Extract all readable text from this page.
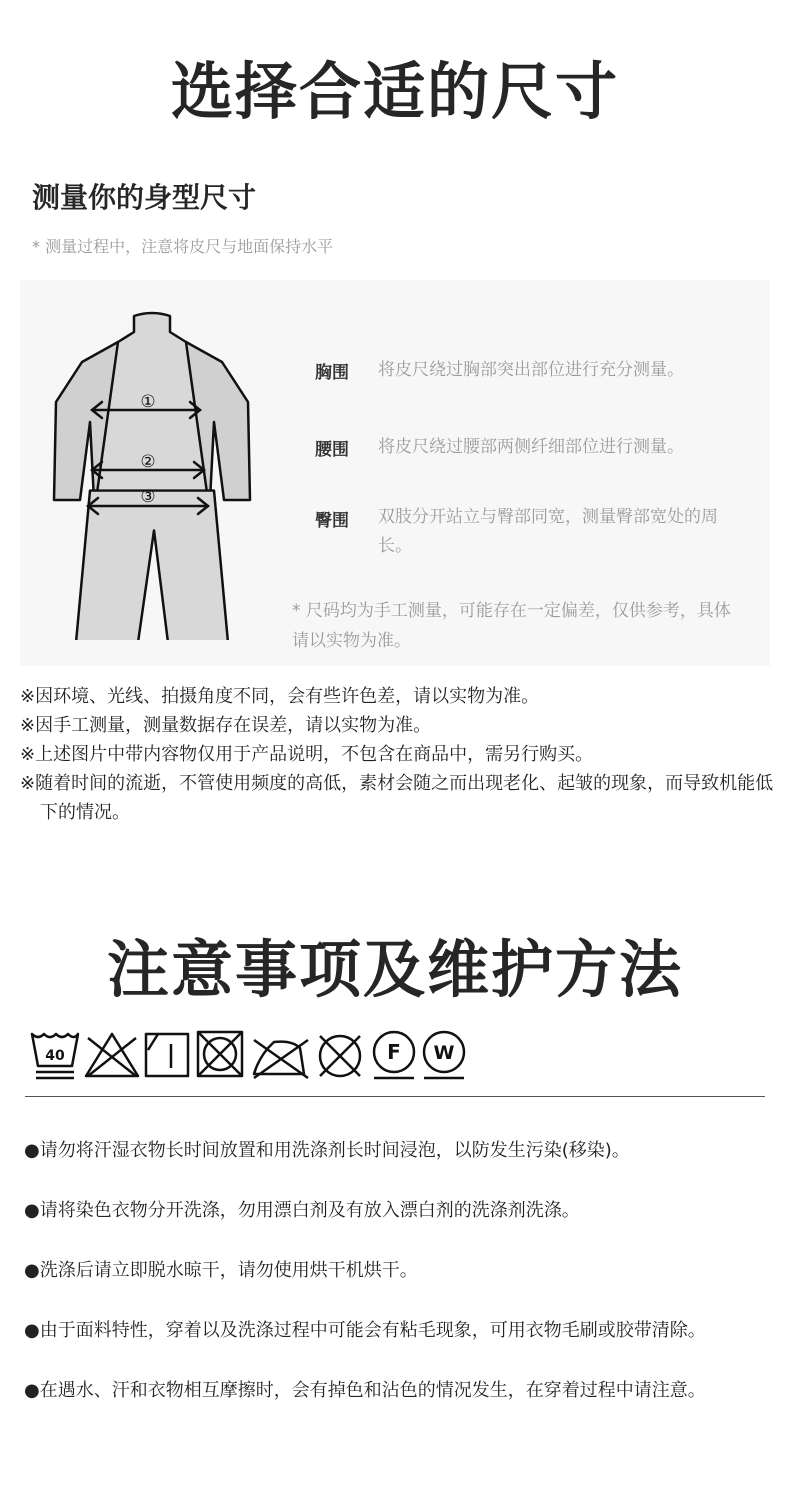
选择合适的尺寸
测量你的身型尺寸
* 测量过程中，注意将皮尺与地面保持水平
①
②
③
胸围 将皮尺绕过胸部突出部位进行充分测量。
腰围 将皮尺绕过腰部两侧纤细部位进行测量。
臀围 双肢分开站立与臀部同宽，测量臀部宽处的周长。
* 尺码均为手工测量，可能存在一定偏差，仅供参考，具体请以实物为准。
※因环境、光线、拍摄角度不同，会有些许色差，请以实物为准。
※因手工测量，测量数据存在误差，请以实物为准。
※上述图片中带内容物仅用于产品说明，不包含在商品中，需另行购买。
※随着时间的流逝，不管使用频度的高低，素材会随之而出现老化、起皱的现象，而导致机能低下的情况。
注意事项及维护方法
40	F W
●请勿将汗湿衣物长时间放置和用洗涤剂长时间浸泡，以防发生污染(移染)。
●请将染色衣物分开洗涤，勿用漂白剂及有放入漂白剂的洗涤剂洗涤。
●洗涤后请立即脱水晾干，请勿使用烘干机烘干。
●由于面料特性，穿着以及洗涤过程中可能会有粘毛现象，可用衣物毛刷或胶带清除。
●在遇水、汗和衣物相互摩擦时，会有掉色和沾色的情况发生，在穿着过程中请注意。
